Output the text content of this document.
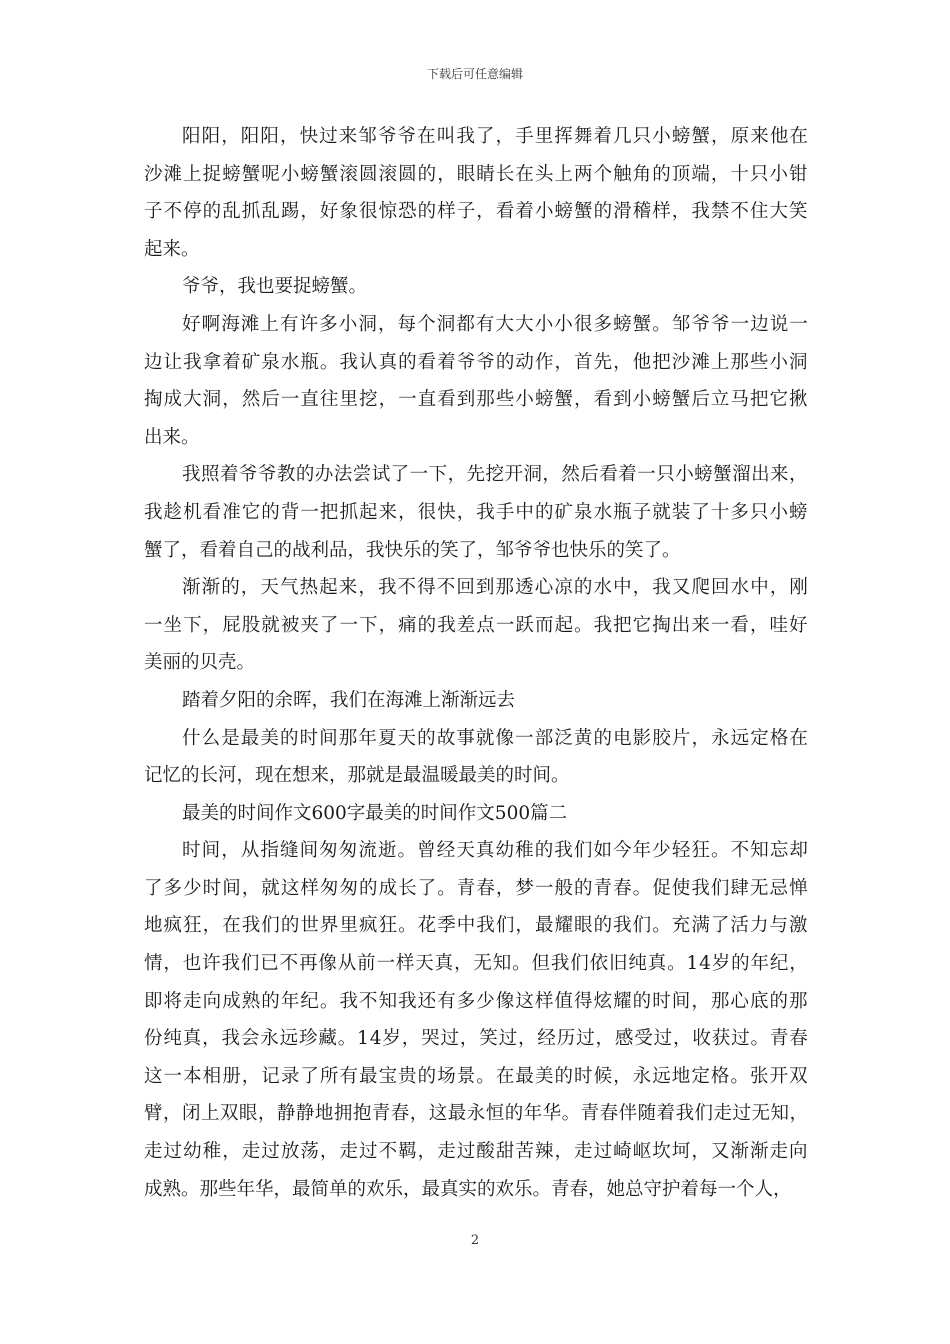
下载后可任意编辑
阳 阳 ， 阳 阳 ， 快 过 来 邹 爷 爷 在 叫 我 了 ， 手 里 挥 舞 着 几 只 小 螃 蟹 ， 原 来 他 在
沙 滩 上 捉 螃 蟹 呢 小 螃 蟹 滚 圆 滚 圆 的 ， 眼 睛 长 在 头 上 两 个 触 角 的 顶 端 ， 十 只 小 钳
子 不 停 的 乱 抓 乱 踢 ， 好 象 很 惊 恐 的 样 子 ， 看 着 小 螃 蟹 的 滑 稽 样 ， 我 禁 不 住 大 笑
起来。
爷爷，我也要捉螃蟹。
好 啊 海 滩 上 有 许 多 小 洞 ， 每 个 洞 都 有 大 大 小 小 很 多 螃 蟹 。 邹 爷 爷 一 边 说 一
边 让 我 拿 着 矿 泉 水 瓶 。 我 认 真 的 看 着 爷 爷 的 动 作 ， 首 先 ， 他 把 沙 滩 上 那 些 小 洞
掏 成 大 洞 ， 然 后 一 直 往 里 挖 ， 一 直 看 到 那 些 小 螃 蟹 ， 看 到 小 螃 蟹 后 立 马 把 它 揪
出来。
我 照 着 爷 爷 教 的 办 法 尝 试 了 一 下 ， 先 挖 开 洞 ， 然 后 看 着 一 只 小 螃 蟹 溜 出 来 ，
我 趁 机 看 准 它 的 背 一 把 抓 起 来 ， 很 快 ， 我 手 中 的 矿 泉 水 瓶 子 就 装 了 十 多 只 小 螃
蟹了，看着自己的战利品，我快乐的笑了，邹爷爷也快乐的笑了。
渐 渐 的 ， 天 气 热 起 来 ， 我 不 得 不 回 到 那 透 心 凉 的 水 中 ， 我 又 爬 回 水 中 ， 刚
一 坐 下 ， 屁 股 就 被 夹 了 一 下 ， 痛 的 我 差 点 一 跃 而 起 。 我 把 它 掏 出 来 一 看 ， 哇 好
美丽的贝壳。
踏着夕阳的余晖，我们在海滩上渐渐远去
什 么 是 最 美 的 时 间 那 年 夏 天 的 故 事 就 像 一 部 泛 黄 的 电 影 胶 片 ， 永 远 定 格 在
记忆的长河，现在想来，那就是最温暖最美的时间。
最美的时间作文600字最美的时间作文500篇二
时 间 ， 从 指 缝 间 匆 匆 流 逝 。 曾 经 天 真 幼 稚 的 我 们 如 今 年 少 轻 狂 。 不 知 忘 却
了 多 少 时 间 ， 就 这 样 匆 匆 的 成 长 了 。 青 春 ， 梦 一 般 的 青 春 。 促 使 我 们 肆 无 忌 惮
地 疯 狂 ， 在 我 们 的 世 界 里 疯 狂 。 花 季 中 我 们 ， 最 耀 眼 的 我 们 。 充 满 了 活 力 与 激
情 ， 也 许 我 们 已 不 再 像 从 前 一 样 天 真 ， 无 知 。 但 我 们 依 旧 纯 真 。 1 4 岁 的 年 纪 ，
即 将 走 向 成 熟 的 年 纪 。 我 不 知 我 还 有 多 少 像 这 样 值 得 炫 耀 的 时 间 ， 那 心 底 的 那
份 纯 真 ， 我 会 永 远 珍 藏 。 1 4 岁 ， 哭 过 ， 笑 过 ， 经 历 过 ， 感 受 过 ， 收 获 过 。 青 春
这 一 本 相 册 ， 记 录 了 所 有 最 宝 贵 的 场 景 。 在 最 美 的 时 候 ， 永 远 地 定 格 。 张 开 双
臂 ， 闭 上 双 眼 ， 静 静 地 拥 抱 青 春 ， 这 最 永 恒 的 年 华 。 青 春 伴 随 着 我 们 走 过 无 知 ，
走 过 幼 稚 ， 走 过 放 荡 ， 走 过 不 羁 ， 走 过 酸 甜 苦 辣 ， 走 过 崎 岖 坎 坷 ， 又 渐 渐 走 向
成熟。那些年华，最简单的欢乐，最真实的欢乐。青春，她总守护着每一个人，
2
